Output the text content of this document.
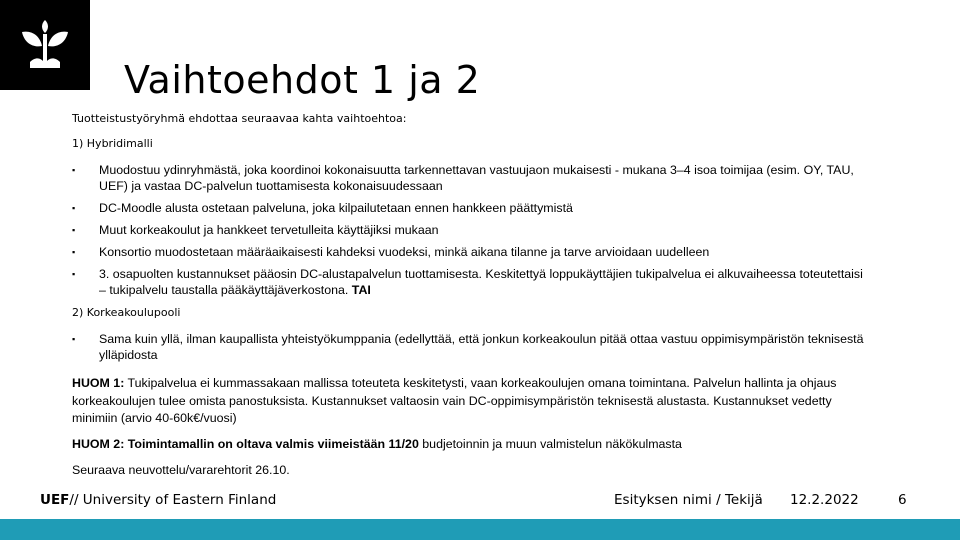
Vaihtoehdot 1 ja 2
Tuotteistustyöryhmä ehdottaa seuraavaa kahta vaihtoehtoa:
1) Hybridimalli
▪ Muodostuu ydinryhmästä, joka koordinoi kokonaisuutta tarkennettavan vastuujaon mukaisesti - mukana 3–4 isoa toimijaa (esim. OY, TAU, UEF) ja vastaa DC-palvelun tuottamisesta kokonaisuudessaan
▪ DC-Moodle alusta ostetaan palveluna, joka kilpailutetaan ennen hankkeen päättymistä
▪ Muut korkeakoulut ja hankkeet tervetulleita käyttäjiksi mukaan
▪ Konsortio muodostetaan määräaikaisesti kahdeksi vuodeksi, minkä aikana tilanne ja tarve arvioidaan uudelleen
▪ 3. osapuolten kustannukset pääosin DC-alustapalvelun tuottamisesta. Keskitettyä loppukäyttäjien tukipalvelua ei alkuvaiheessa toteutettaisi – tukipalvelu taustalla pääkäyttäjäverkostona. TAI
2) Korkeakoulupooli
▪ Sama kuin yllä, ilman kaupallista yhteistyökumppania (edellyttää, että jonkun korkeakoulun pitää ottaa vastuu oppimisympäristön teknisestä ylläpidosta

HUOM 1: Tukipalvelua ei kummassakaan mallissa toteuteta keskitetysti, vaan korkeakoulujen omana toimintana. Palvelun hallinta ja ohjaus korkeakoulujen tulee omista panostuksista. Kustannukset valtaosin vain DC-oppimisympäristön teknisestä alustasta. Kustannukset vedetty minimiin (arvio 40-60k€/vuosi)

HUOM 2: Toimintamallin on oltava valmis viimeistään 11/20 budjetoinnin ja muun valmistelun näkökulmasta

Seuraava neuvottelu/vararehtorit 26.10.

UEF// University of Eastern Finland	Esityksen nimi / Tekijä 12.2.2022	6
